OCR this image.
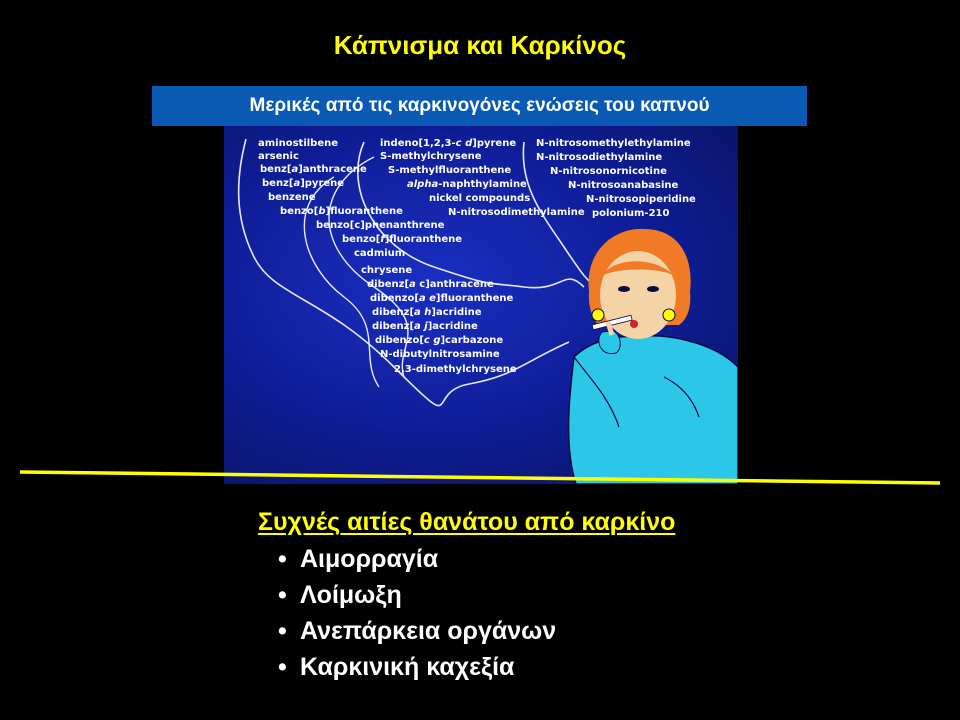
Κάπνισμα και Καρκίνος
Μερικές από τις καρκινογόνες ενώσεις του καπνού
aminostilbene
arsenic
benz[a]anthracene
benz[a]pyrene
benzene
benzo[b]fluoranthene
benzo[c]phenanthrene
benzo[f]fluoranthene
cadmium
chrysene
dibenz[a c]anthracene
dibenzo[a e]fluoranthene
dibenz[a h]acridine
dibenz[a j]acridine
dibenzo[c g]carbazone
N-dibutylnitrosamine
2,3-dimethylchrysene
indeno[1,2,3-c d]pyrene
S-methylchrysene
S-methylfluoranthene
alpha-naphthylamine
nickel compounds
N-nitrosodimethylamine
N-nitrosomethylethylamine
N-nitrosodiethylamine
N-nitrosonornicotine
N-nitrosoanabasine
N-nitrosopiperidine
polonium-210
Συχνές αιτίες θανάτου από καρκίνο
• Αιμορραγία
• Λοίμωξη
• Ανεπάρκεια οργάνων
• Καρκινική καχεξία
